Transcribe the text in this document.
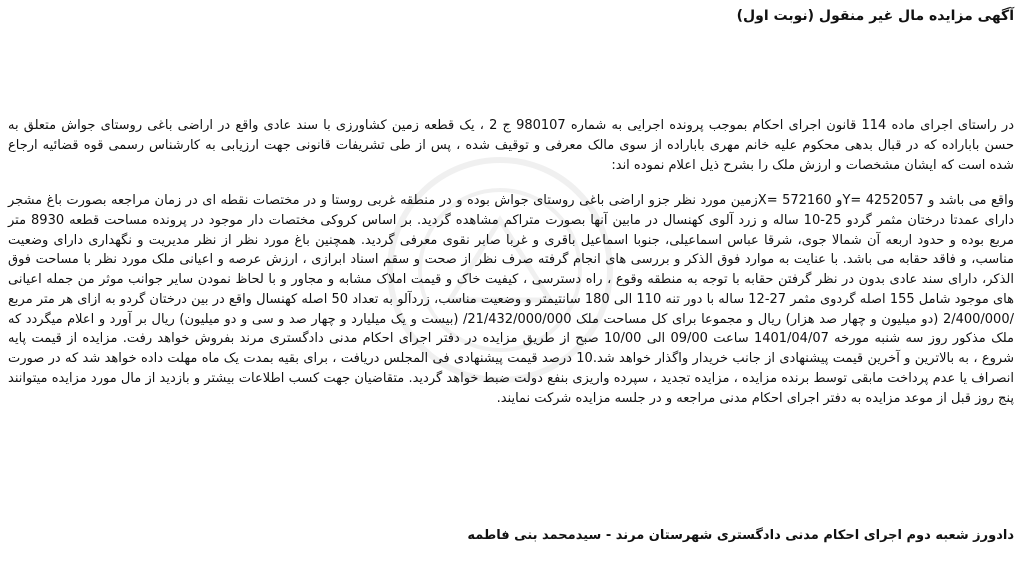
آگهی مزایده مال غیر منقول (نوبت اول)

در راستای اجرای ماده 114 قانون اجرای احکام بموجب پرونده اجرایی به شماره 980107 ج 2 ، یک قطعه زمین کشاورزی با سند عادی واقع در اراضی باغی روستای جواش متعلق به حسن باباراده که در قبال بدهی محکوم علیه خانم مهری باباراده از سوی مالک معرفی و توقیف شده ، پس از طی تشریفات قانونی جهت ارزیابی به کارشناس رسمی قوه قضائیه ارجاع شده است که ایشان مشخصات و ارزش ملک را بشرح ذیل اعلام نموده اند:

واقع می باشد و Y= 4252057و X= 572160زمین مورد نظر جزو اراضی باغی روستای جواش بوده و در منطقه غربی روستا و در مختصات نقطه ای در زمان مراجعه بصورت باغ مشجر دارای عمدتا درختان مثمر گردو 25-10 ساله و زرد آلوی کهنسال در مابین آنها بصورت متراکم مشاهده گردید. بر اساس کروکی مختصات دار موجود در پرونده مساحت قطعه 8930 متر مربع بوده و حدود اربعه آن شمالا جوی، شرقا عباس اسماعیلی، جنوبا اسماعیل باقری و غربا صابر نقوی معرفی گردید. همچنین باغ مورد نظر از نظر مدیریت و نگهداری دارای وضعیت مناسب، و فاقد حقابه می باشد. با عنایت به موارد فوق الذکر و بررسی های انجام گرفته صرف نظر از صحت و سقم اسناد ابرازی ، ارزش عرصه و اعیانی ملک مورد نظر با مساحت فوق الذکر، دارای سند عادی بدون در نظر گرفتن حقابه با توجه به منطقه وقوع ، راه دسترسی ، کیفیت خاک و قیمت املاک مشابه و مجاور و با لحاظ نمودن سایر جوانب موثر من جمله اعیانی های موجود شامل 155 اصله گردوی مثمر 27-12 ساله با دور تنه 110 الی 180 سانتیمتر و وضعیت مناسب، زردآلو به تعداد 50 اصله کهنسال واقع در بین درختان گردو به ازای هر متر مربع /2/400/000 (دو میلیون و چهار صد هزار) ریال و مجموعا برای کل مساحت ملک 21/432/000/000/ (بیست و یک میلیارد و چهار صد و سی و دو میلیون) ریال بر آورد و اعلام میگردد که ملک مذکور روز سه شنبه مورخه 1401/04/07 ساعت 09/00 الی 10/00 صبح از طریق مزایده در دفتر اجرای احکام مدنی دادگستری مرند بفروش خواهد رفت. مزایده از قیمت پایه شروع ، به بالاترین و آخرین قیمت پیشنهادی از جانب خریدار واگذار خواهد شد.10 درصد قیمت پیشنهادی فی المجلس دریافت ، برای بقیه بمدت یک ماه مهلت داده خواهد شد که در صورت انصراف یا عدم پرداخت مابقی توسط برنده مزایده ، مزایده تجدید ، سپرده واریزی بنفع دولت ضبط خواهد گردید. متقاضیان جهت کسب اطلاعات بیشتر و بازدید از مال مورد مزایده میتوانند پنج روز قبل از موعد مزایده به دفتر اجرای احکام مدنی مراجعه و در جلسه مزایده شرکت نمایند.

دادورز شعبه دوم اجرای احکام مدنی دادگستری شهرستان مرند - سیدمحمد بنی فاطمه
